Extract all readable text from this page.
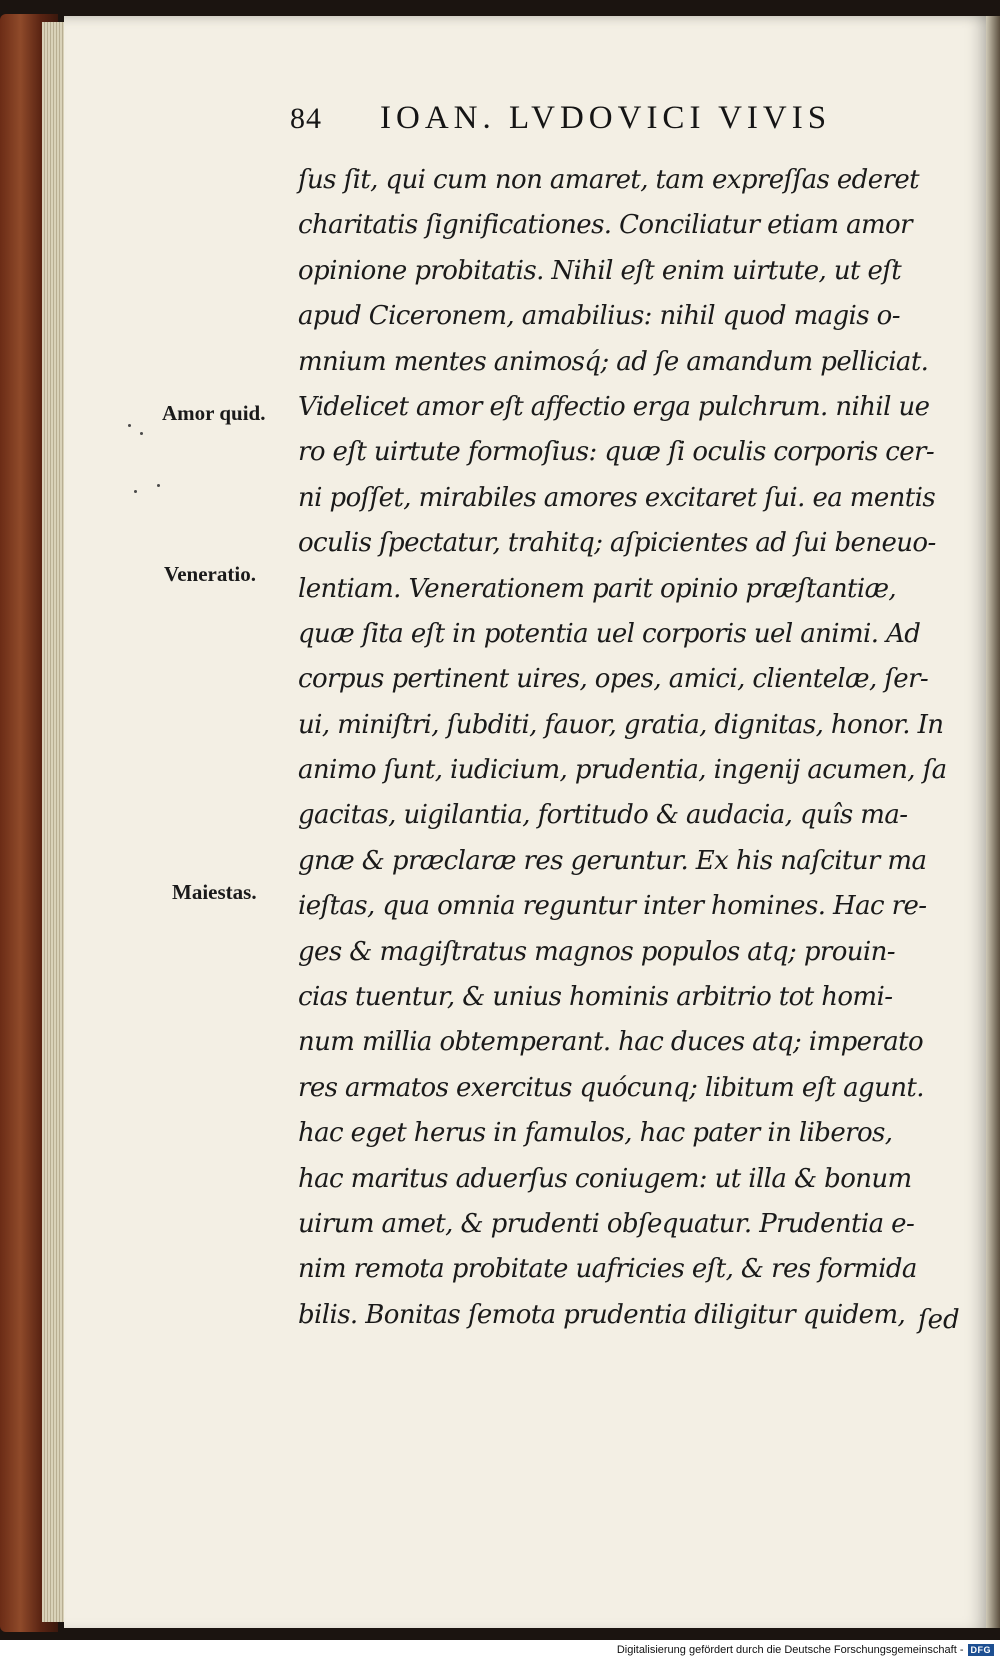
84	IOAN. LVDOVICI VIVIS
Amor quid.
Veneratio.
Maiestas.
ſus ſit, qui cum non amaret, tam expreſſas ederet
charitatis ſignificationes. Conciliatur etiam amor
opinione probitatis. Nihil eſt enim uirtute, ut eſt
apud Ciceronem, amabilius: nihil quod magis o-
mnium mentes animosq́; ad ſe amandum pelliciat.
Videlicet amor eſt affectio erga pulchrum. nihil ue
ro eſt uirtute formoſius: quæ ſi oculis corporis cer-
ni poſſet, mirabiles amores excitaret ſui. ea mentis
oculis ſpectatur, trahitq; aſpicientes ad ſui beneuo-
lentiam. Venerationem parit opinio præſtantiæ,
quæ ſita eſt in potentia uel corporis uel animi. Ad
corpus pertinent uires, opes, amici, clientelæ, ſer-
ui, miniſtri, ſubditi, fauor, gratia, dignitas, honor. In
animo ſunt, iudicium, prudentia, ingenij acumen, ſa
gacitas, uigilantia, fortitudo & audacia, quîs ma-
gnæ & præclaræ res geruntur. Ex his naſcitur ma
ieſtas, qua omnia reguntur inter homines. Hac re-
ges & magiſtratus magnos populos atq; prouin-
cias tuentur, & unius hominis arbitrio tot homi-
num millia obtemperant. hac duces atq; imperato
res armatos exercitus quócunq; libitum eſt agunt.
hac eget herus in famulos, hac pater in liberos,
hac maritus aduerſus coniugem: ut illa & bonum
uirum amet, & prudenti obſequatur. Prudentia e-
nim remota probitate uafricies eſt, & res formida
bilis. Bonitas ſemota prudentia diligitur quidem, ſed
Digitalisierung gefördert durch die Deutsche Forschungsgemeinschaft - DFG
